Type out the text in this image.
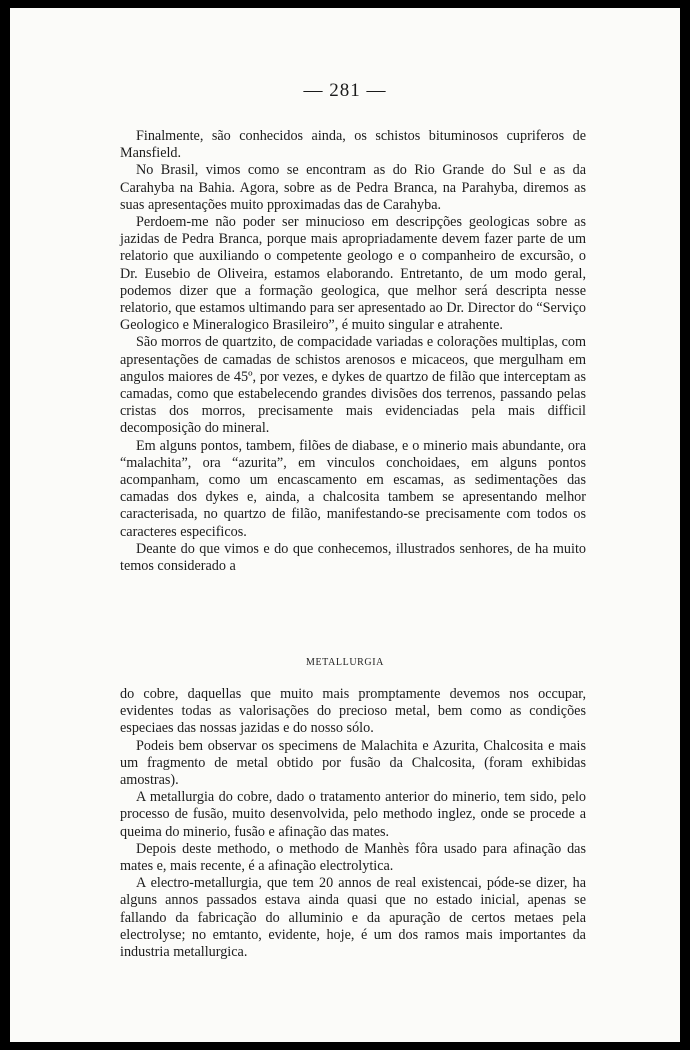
— 281 —

Finalmente, são conhecidos ainda, os schistos bituminosos cupriferos de Mansfield.

No Brasil, vimos como se encontram as do Rio Grande do Sul e as da Carahyba na Bahia. Agora, sobre as de Pedra Branca, na Parahyba, diremos as suas apresentações muito pproximadas das de Carahyba.

Perdoem-me não poder ser minucioso em descripções geologicas sobre as jazidas de Pedra Branca, porque mais apropriadamente devem fazer parte de um relatorio que auxiliando o competente geologo e o companheiro de excursão, o Dr. Eusebio de Oliveira, estamos elaborando. Entretanto, de um modo geral, podemos dizer que a formação geologica, que melhor será descripta nesse relatorio, que estamos ultimando para ser apresentado ao Dr. Director do “Serviço Geologico e Mineralogico Brasileiro”, é muito singular e atrahente.

São morros de quartzito, de compacidade variadas e colorações multiplas, com apresentações de camadas de schistos arenosos e micaceos, que mergulham em angulos maiores de 45º, por vezes, e dykes de quartzo de filão que interceptam as camadas, como que estabelecendo grandes divisões dos terrenos, passando pelas cristas dos morros, precisamente mais evidenciadas pela mais difficil decomposição do mineral.

Em alguns pontos, tambem, filões de diabase, e o minerio mais abundante, ora “malachita”, ora “azurita”, em vinculos conchoidaes, em alguns pontos acompanham, como um encascamento em escamas, as sedimentações das camadas dos dykes e, ainda, a chalcosita tambem se apresentando melhor caracterisada, no quartzo de filão, manifestando-se precisamente com todos os caracteres especificos.

Deante do que vimos e do que conhecemos, illustrados senhores, de ha muito temos considerado a

METALLURGIA

do cobre, daquellas que muito mais promptamente devemos nos occupar, evidentes todas as valorisações do precioso metal, bem como as condições especiaes das nossas jazidas e do nosso sólo.

Podeis bem observar os specimens de Malachita e Azurita, Chalcosita e mais um fragmento de metal obtido por fusão da Chalcosita, (foram exhibidas amostras).

A metallurgia do cobre, dado o tratamento anterior do minerio, tem sido, pelo processo de fusão, muito desenvolvida, pelo methodo inglez, onde se procede a queima do minerio, fusão e afinação das mates.

Depois deste methodo, o methodo de Manhès fôra usado para afinação das mates e, mais recente, é a afinação electrolytica.

A electro-metallurgia, que tem 20 annos de real existencai, póde-se dizer, ha alguns annos passados estava ainda quasi que no estado inicial, apenas se fallando da fabricação do alluminio e da apuração de certos metaes pela electrolyse; no emtanto, evidente, hoje, é um dos ramos mais importantes da industria metallurgica.
